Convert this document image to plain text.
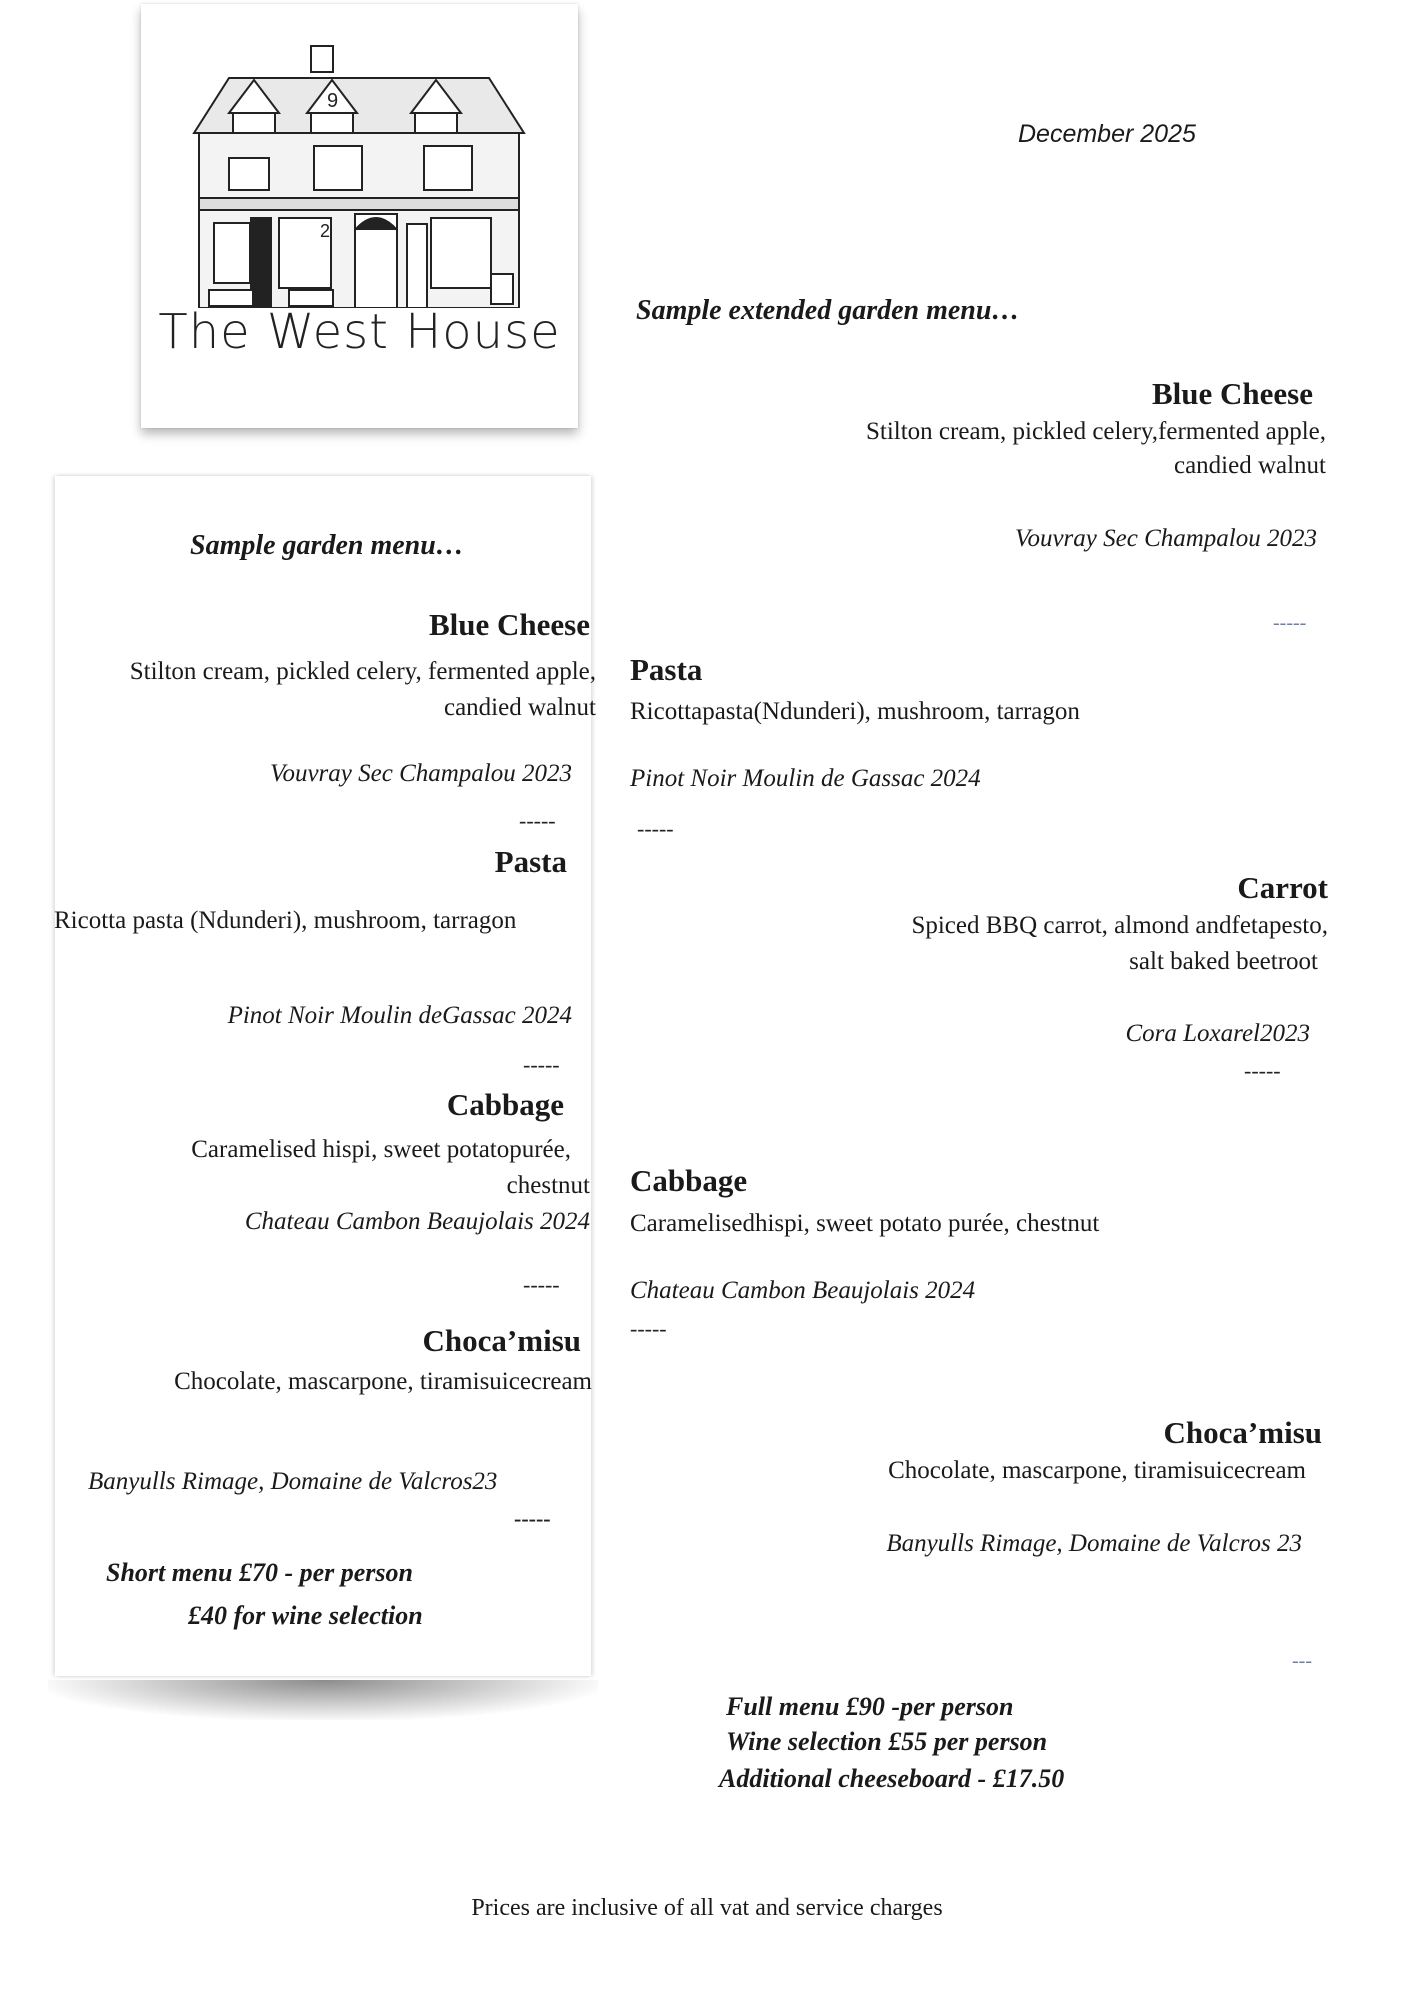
9
2
The West House
December 2025
Sample extended garden menu…
Blue Cheese
Stilton cream, pickled celery,fermented apple,
candied walnut
Vouvray Sec Champalou 2023
-----
Pasta
Ricottapasta(Ndunderi), mushroom, tarragon
Pinot Noir Moulin de Gassac 2024
-----
Carrot
Spiced BBQ carrot, almond andfetapesto,
salt baked beetroot
Cora Loxarel2023
-----
Cabbage
Caramelisedhispi, sweet potato purée, chestnut
Chateau Cambon Beaujolais 2024
-----
Choca’misu
Chocolate, mascarpone, tiramisuicecream
Banyulls Rimage, Domaine de Valcros 23
---
Full menu £90 -per person
Wine selection £55 per person
Additional cheeseboard - £17.50
Sample garden menu…
Blue Cheese
Stilton cream, pickled celery, fermented apple,
candied walnut
Vouvray Sec Champalou 2023
-----
Pasta
Ricotta pasta (Ndunderi), mushroom, tarragon
Pinot Noir Moulin deGassac 2024
-----
Cabbage
Caramelised hispi, sweet potatopurée,
chestnut
Chateau Cambon Beaujolais 2024
-----
Choca’misu
Chocolate, mascarpone, tiramisuicecream
Banyulls Rimage, Domaine de Valcros23
-----
Short menu £70 - per person
£40 for wine selection
Prices are inclusive of all vat and service charges
